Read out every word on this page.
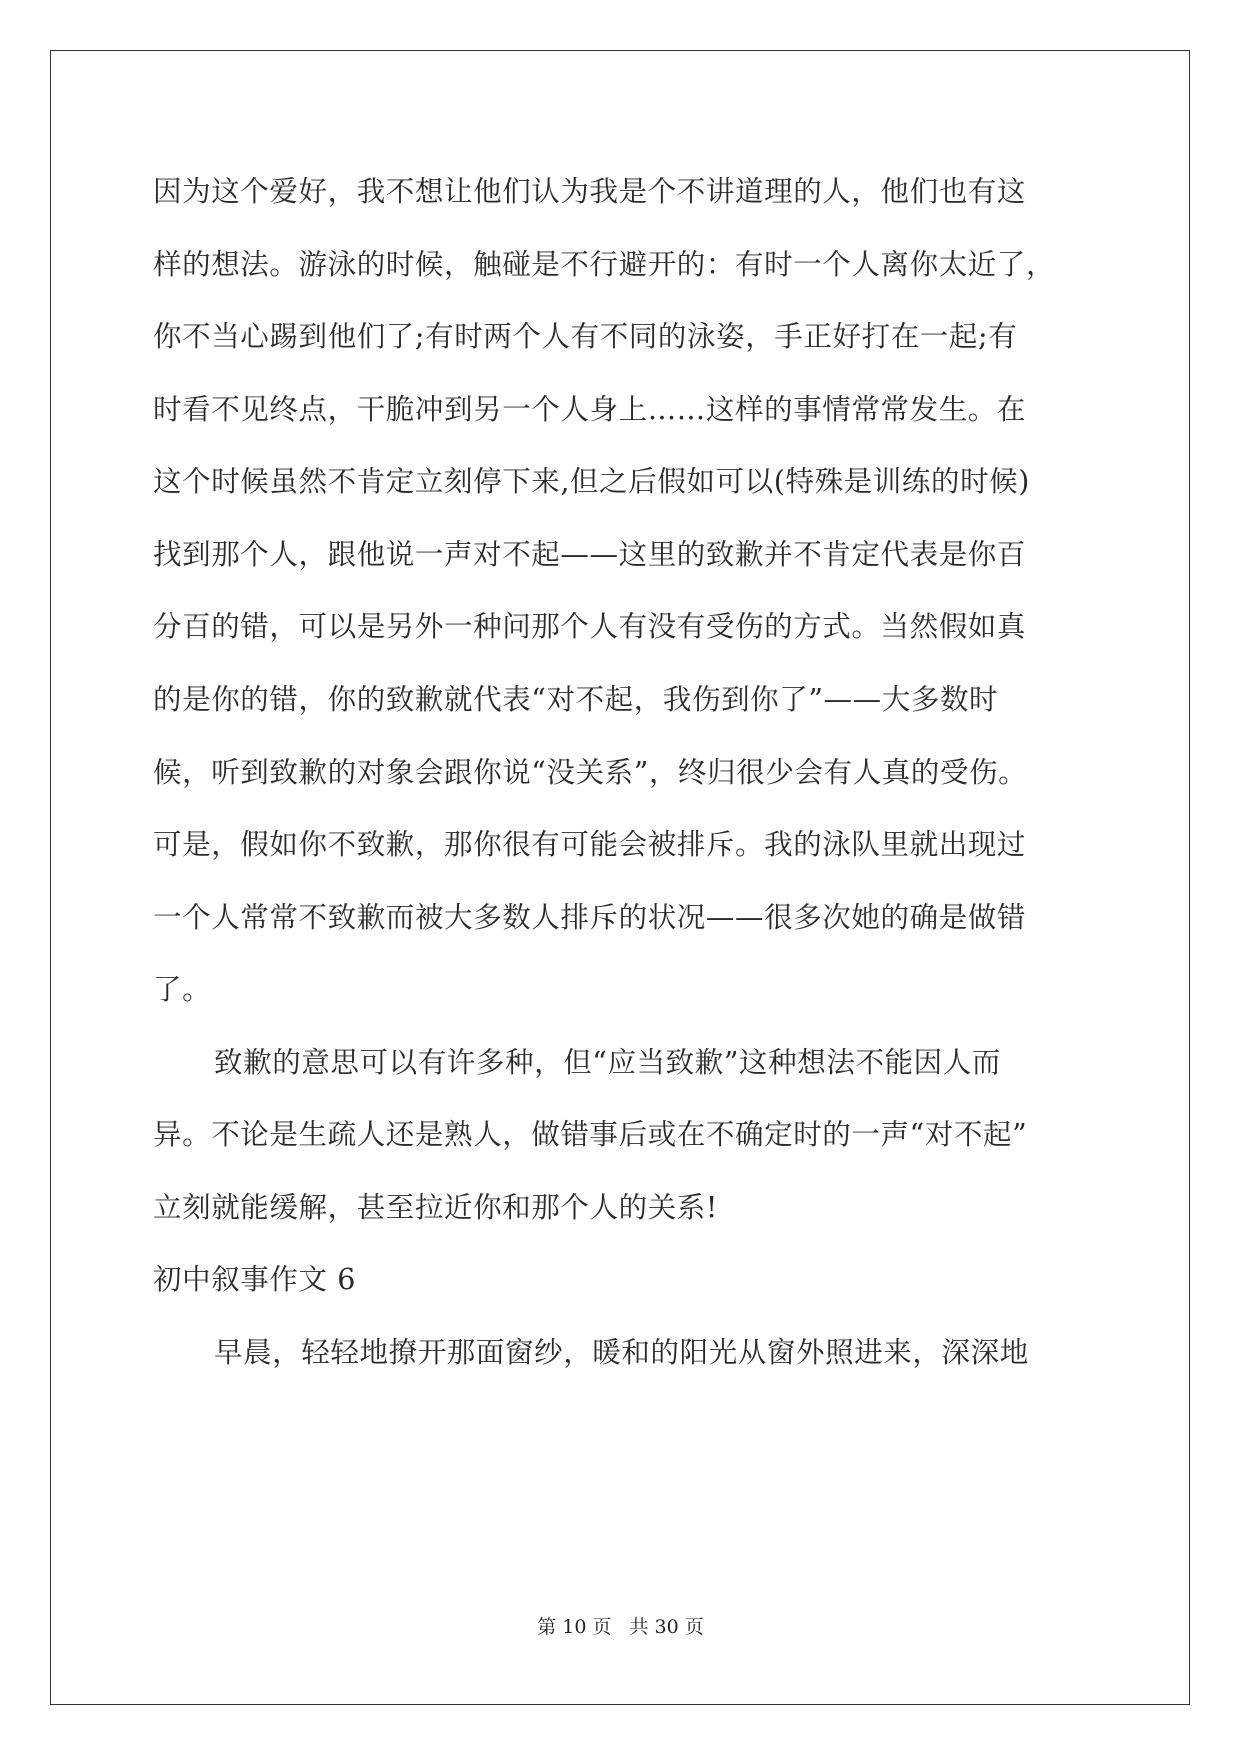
因为这个爱好，我不想让他们认为我是个不讲道理的人，他们也有这
样的想法。游泳的时候，触碰是不行避开的：有时一个人离你太近了，
你不当心踢到他们了;有时两个人有不同的泳姿，手正好打在一起;有
时看不见终点，干脆冲到另一个人身上……这样的事情常常发生。在
这个时候虽然不肯定立刻停下来,但之后假如可以(特殊是训练的时候)
找到那个人，跟他说一声对不起——这里的致歉并不肯定代表是你百
分百的错，可以是另外一种问那个人有没有受伤的方式。当然假如真
的是你的错，你的致歉就代表“对不起，我伤到你了”——大多数时
候，听到致歉的对象会跟你说“没关系”，终归很少会有人真的受伤。
可是，假如你不致歉，那你很有可能会被排斥。我的泳队里就出现过
一个人常常不致歉而被大多数人排斥的状况——很多次她的确是做错
了。
致歉的意思可以有许多种，但“应当致歉”这种想法不能因人而
异。不论是生疏人还是熟人，做错事后或在不确定时的一声“对不起”
立刻就能缓解，甚至拉近你和那个人的关系!
初中叙事作文 6
早晨，轻轻地撩开那面窗纱，暖和的阳光从窗外照进来，深深地
第 10 页 共 30 页
